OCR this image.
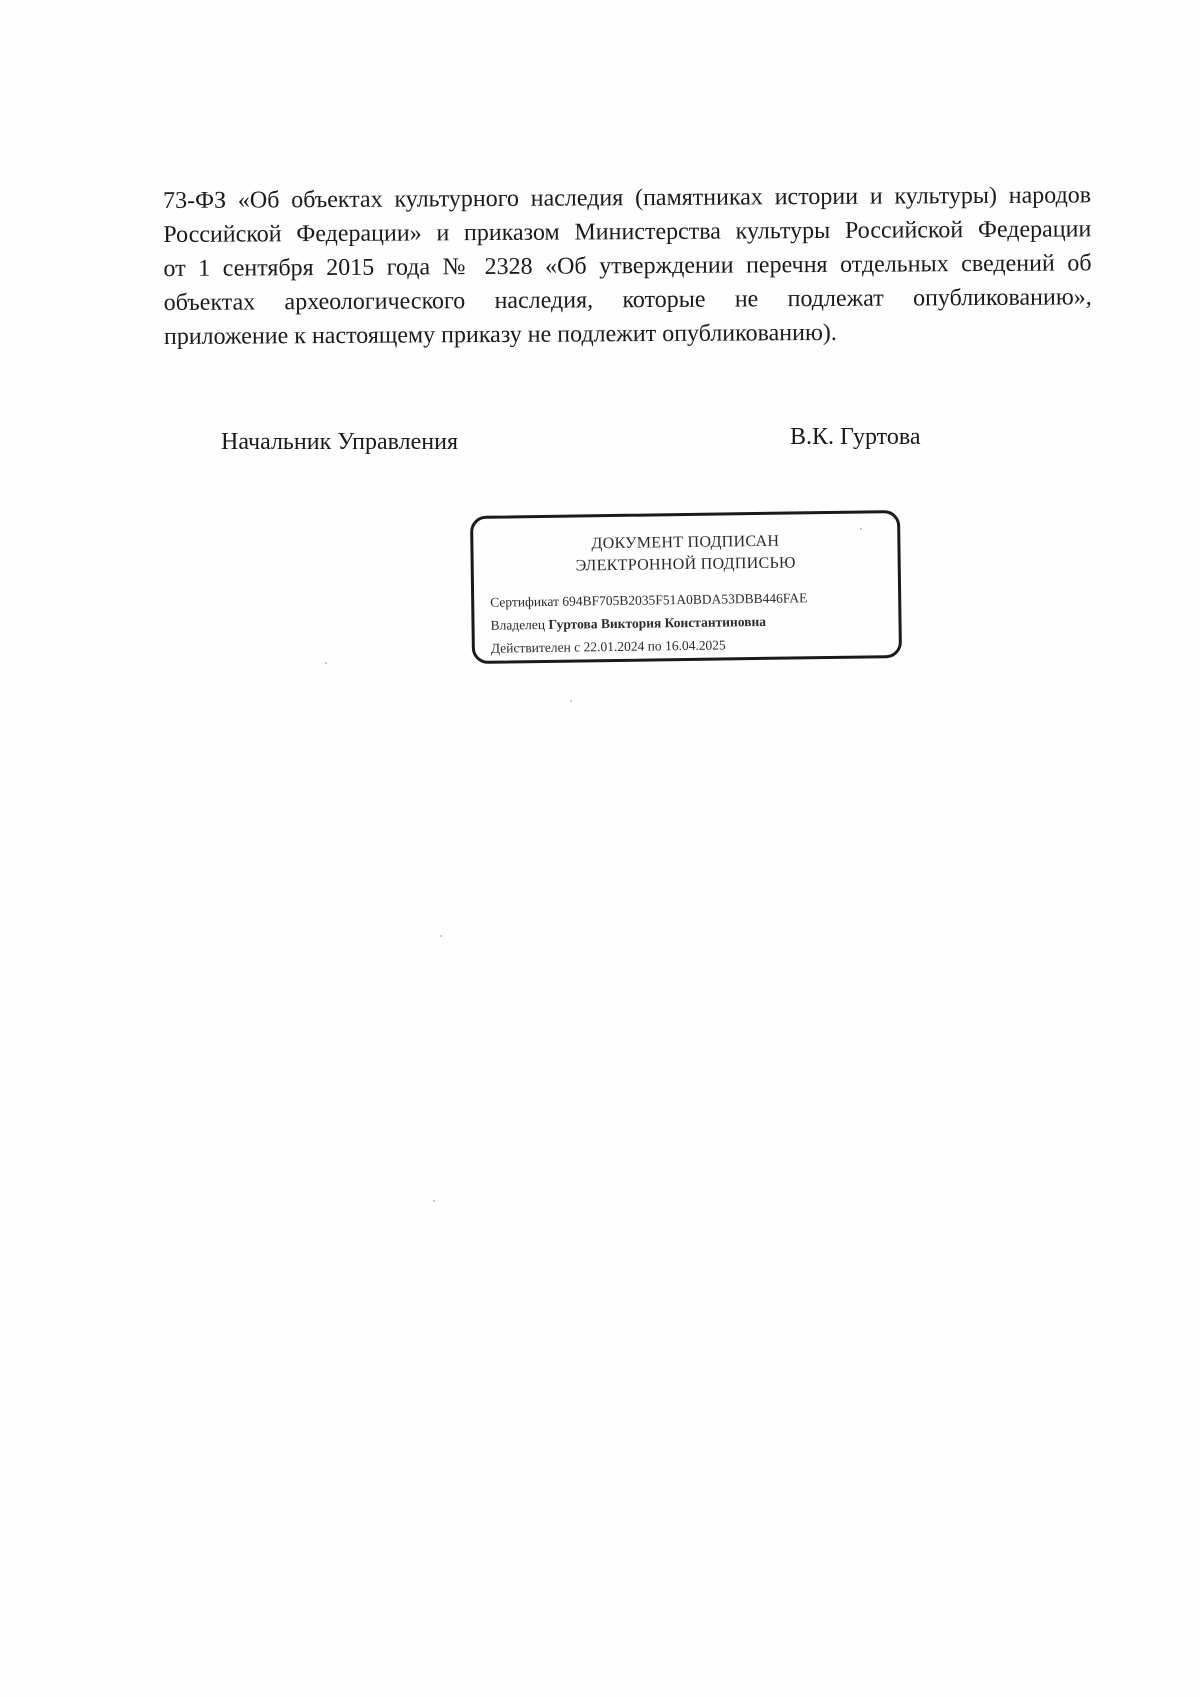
73-ФЗ «Об объектах культурного наследия (памятниках истории и культуры) народов
Российской Федерации» и приказом Министерства культуры Российской Федерации
от 1 сентября 2015 года № 2328 «Об утверждении перечня отдельных сведений об
объектах археологического наследия, которые не подлежат опубликованию»,
приложение к настоящему приказу не подлежит опубликованию).
Начальник Управления	В.К. Гуртова
ДОКУМЕНТ ПОДПИСАН
ЭЛЕКТРОННОЙ ПОДПИСЬЮ
Сертификат 694BF705B2035F51A0BDA53DBB446FAE
Владелец Гуртова Виктория Константиновна
Действителен с 22.01.2024 по 16.04.2025
